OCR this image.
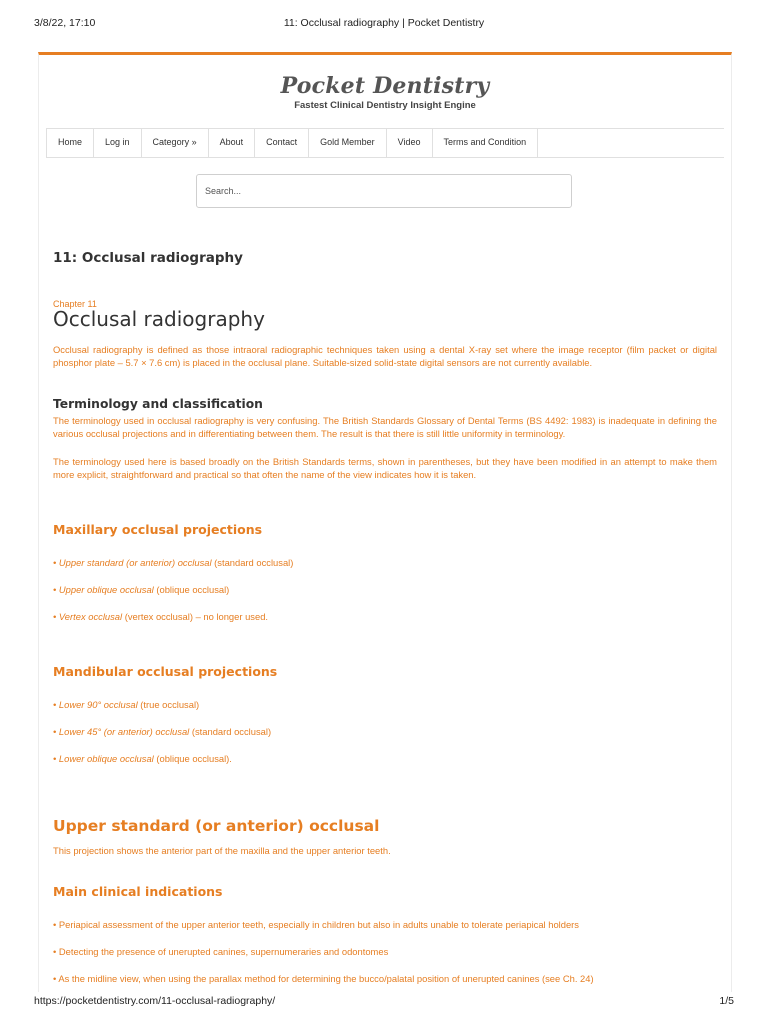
3/8/22, 17:10	11: Occlusal radiography | Pocket Dentistry
Pocket Dentistry
Fastest Clinical Dentistry Insight Engine
Home	Log in	Category »	About	Contact	Gold Member	Video	Terms and Condition
Search...
11: Occlusal radiography
Chapter 11
Occlusal radiography
Occlusal radiography is defined as those intraoral radiographic techniques taken using a dental X-ray set where the image receptor (film packet or digital phosphor plate – 5.7 × 7.6 cm) is placed in the occlusal plane. Suitable-sized solid-state digital sensors are not currently available.
Terminology and classification
The terminology used in occlusal radiography is very confusing. The British Standards Glossary of Dental Terms (BS 4492: 1983) is inadequate in defining the various occlusal projections and in differentiating between them. The result is that there is still little uniformity in terminology.
The terminology used here is based broadly on the British Standards terms, shown in parentheses, but they have been modified in an attempt to make them more explicit, straightforward and practical so that often the name of the view indicates how it is taken.
Maxillary occlusal projections
• Upper standard (or anterior) occlusal (standard occlusal)
• Upper oblique occlusal (oblique occlusal)
• Vertex occlusal (vertex occlusal) – no longer used.
Mandibular occlusal projections
• Lower 90° occlusal (true occlusal)
• Lower 45° (or anterior) occlusal (standard occlusal)
• Lower oblique occlusal (oblique occlusal).
Upper standard (or anterior) occlusal
This projection shows the anterior part of the maxilla and the upper anterior teeth.
Main clinical indications
• Periapical assessment of the upper anterior teeth, especially in children but also in adults unable to tolerate periapical holders
• Detecting the presence of unerupted canines, supernumeraries and odontomes
• As the midline view, when using the parallax method for determining the bucco/palatal position of unerupted canines (see Ch. 24)
https://pocketdentistry.com/11-occlusal-radiography/	1/5
